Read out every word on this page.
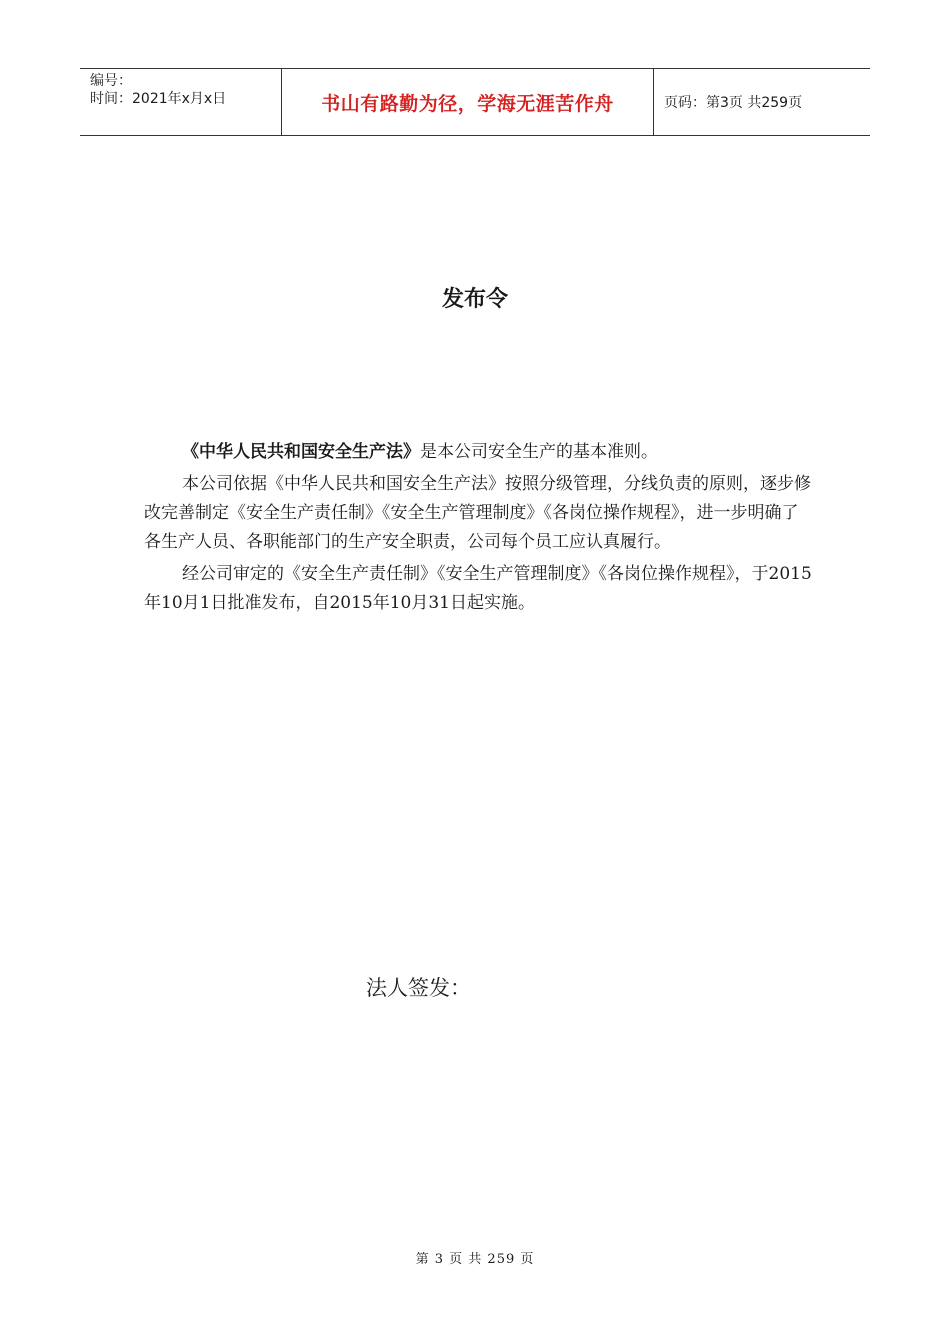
编号：
时间：2021年x月x日	书山有路勤为径，学海无涯苦作舟	页码：第3页 共259页
发布令

《中华人民共和国安全生产法》是本公司安全生产的基本准则。

本公司依据《中华人民共和国安全生产法》按照分级管理，分线负责的原则，逐步修改完善制定《安全生产责任制》《安全生产管理制度》《各岗位操作规程》，进一步明确了各生产人员、各职能部门的生产安全职责，公司每个员工应认真履行。

经公司审定的《安全生产责任制》《安全生产管理制度》《各岗位操作规程》，于2015年10月1日批准发布，自2015年10月31日起实施。

法人签发：
第 3 页 共 259 页
